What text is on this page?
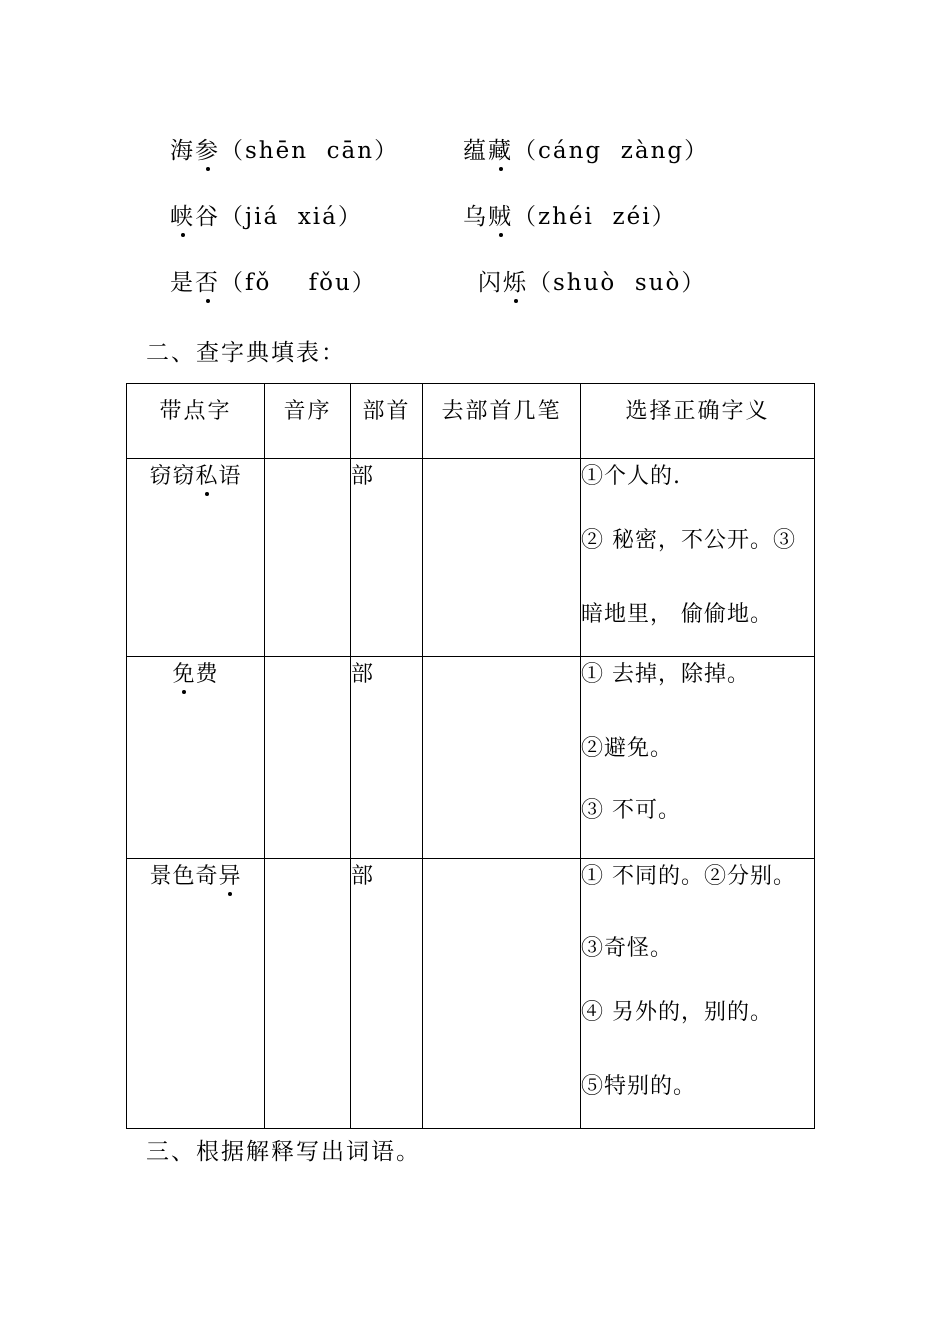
海参（shēn  cān）	蕴藏（cáng  zàng）
峡谷（jiá  xiá）	乌贼（zhéi  zéi）
是否（fǒ    fǒu）	闪烁（shuò  suò）
二、查字典填表：
带点字	音序	部首	去部首几笔	选择正确字义
窃窃私语		部		①个人的.
② 秘密，不公开。③
暗地里， 偷偷地。

免费		部		① 去掉，除掉。
②避免。
③ 不可。

景色奇异		部		① 不同的。②分别。
③奇怪。
④ 另外的，别的。
⑤特别的。
三、根据解释写出词语。
